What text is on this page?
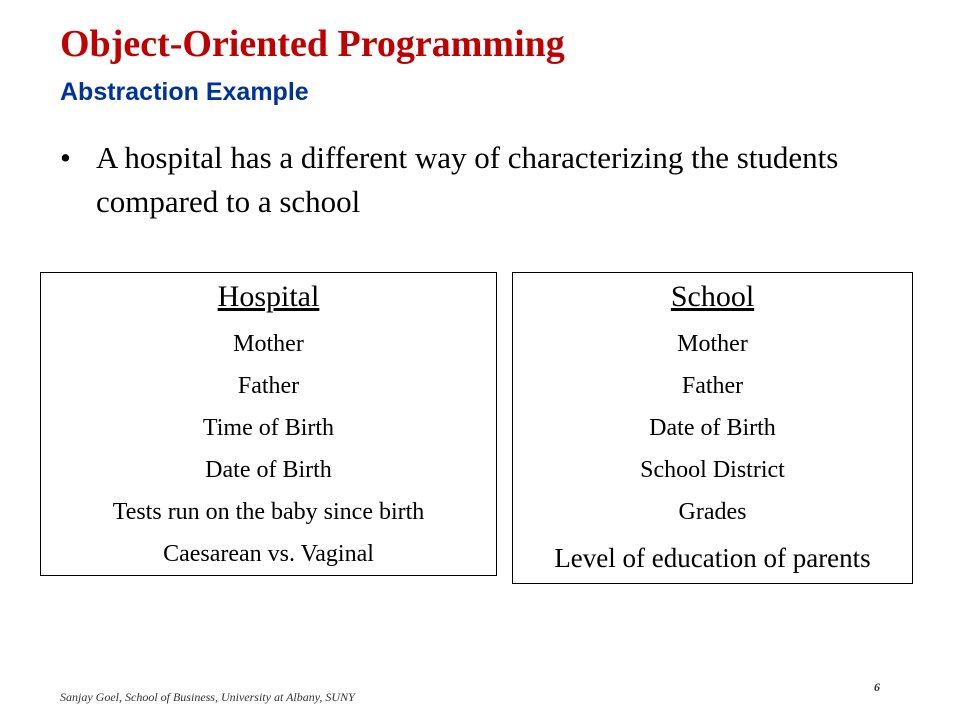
Object-Oriented Programming
Abstraction Example
• A hospital has a different way of characterizing the students compared to a school
Hospital
Mother
Father
Time of Birth
Date of Birth
Tests run on the baby since birth
Caesarean vs. Vaginal
School
Mother
Father
Date of Birth
School District
Grades
Level of education of parents
Sanjay Goel, School of Business, University at Albany, SUNY
6
